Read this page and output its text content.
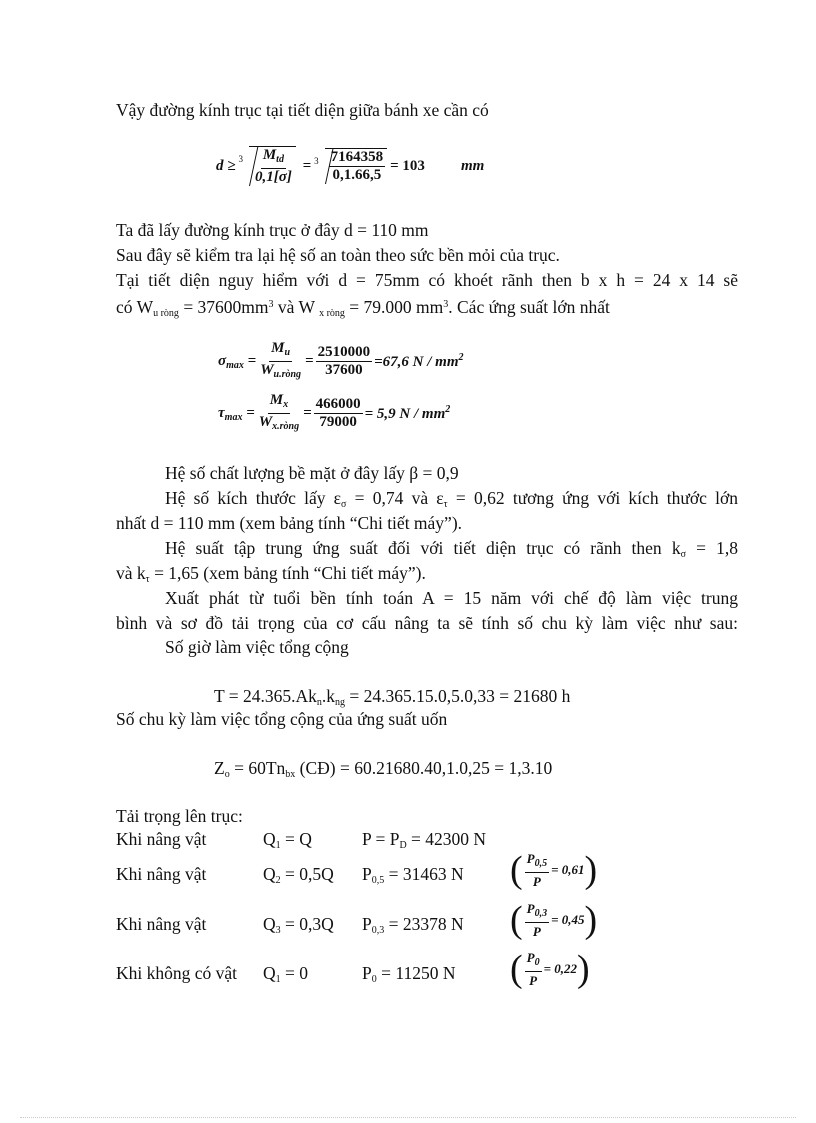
Vậy đường kính trục tại tiết diện giữa bánh xe cần có
$d \ge 3 \frac{M_{td}}{0,1[\sigma]} = 3 \frac{7164358}{0,1.66,5} = 103$ mm
Ta đã lấy đường kính trục ở đây d = 110 mm
Sau đây sẽ kiểm tra lại hệ số an toàn theo sức bền mỏi của trục.
Tại tiết diện nguy hiểm với d = 75mm có khoét rãnh then b x h = 24 x 14 sẽ
có $W_{u ròng} = 37600mm^3$ và W $_{x ròng}$ = 79.000 $mm^3$. Các ứng suất lớn nhất
$\sigma_{max} = \frac{M_u}{W_{u.ròng}} = \frac{2510000}{37600} =67,6$ N / $mm^2$
$\tau_{max} = \frac{M_x}{W_{x.ròng}} = \frac{466000}{79000} = 5,9$ N / $mm^2$
Hệ số chất lượng bề mặt ở đây lấy β = 0,9
Hệ số kích thước lấy $\varepsilon_\sigma = 0,74$ và $\varepsilon_\tau = 0,62$ tương ứng với kích thước lớn
nhất d = 110 mm (xem bảng tính “Chi tiết máy”).
Hệ suất tập trung ứng suất đối với tiết diện trục có rãnh then $k_\sigma = 1,8$
và $k_\tau = 1,65$ (xem bảng tính “Chi tiết máy”).
Xuất phát từ tuổi bền tính toán A = 15 năm với chế độ làm việc trung
bình và sơ đồ tải trọng của cơ cấu nâng ta sẽ tính số chu kỳ làm việc như sau:
Số giờ làm việc tổng cộng
$T = 24.365.Ak_n.k_{ng} = 24.365.15.0,5.0,33 = 21680$ h
Số chu kỳ làm việc tổng cộng của ứng suất uốn
$Z_o = 60Tn_{bx}$ (CĐ) = 60.21680.40,1.0,25 = 1,3.10
Tải trọng lên trục:
Khi nâng vật	$Q_1 = Q$	$P = P_D = 42300$ N
Khi nâng vật	$Q_2 = 0,5Q$ $P_{0,5} = 31463$ N ( $\frac{P_{0,5}}{P} = 0,61$ )
Khi nâng vật	$Q_3 = 0,3Q$ $P_{0,3} = 23378$ N ( $\frac{P_{0,3}}{P} = 0,45$ )
Khi không có vật $Q_1 = 0$	$P_0 = 11250$ N ( $\frac{P_0}{P} = 0,22$ )
